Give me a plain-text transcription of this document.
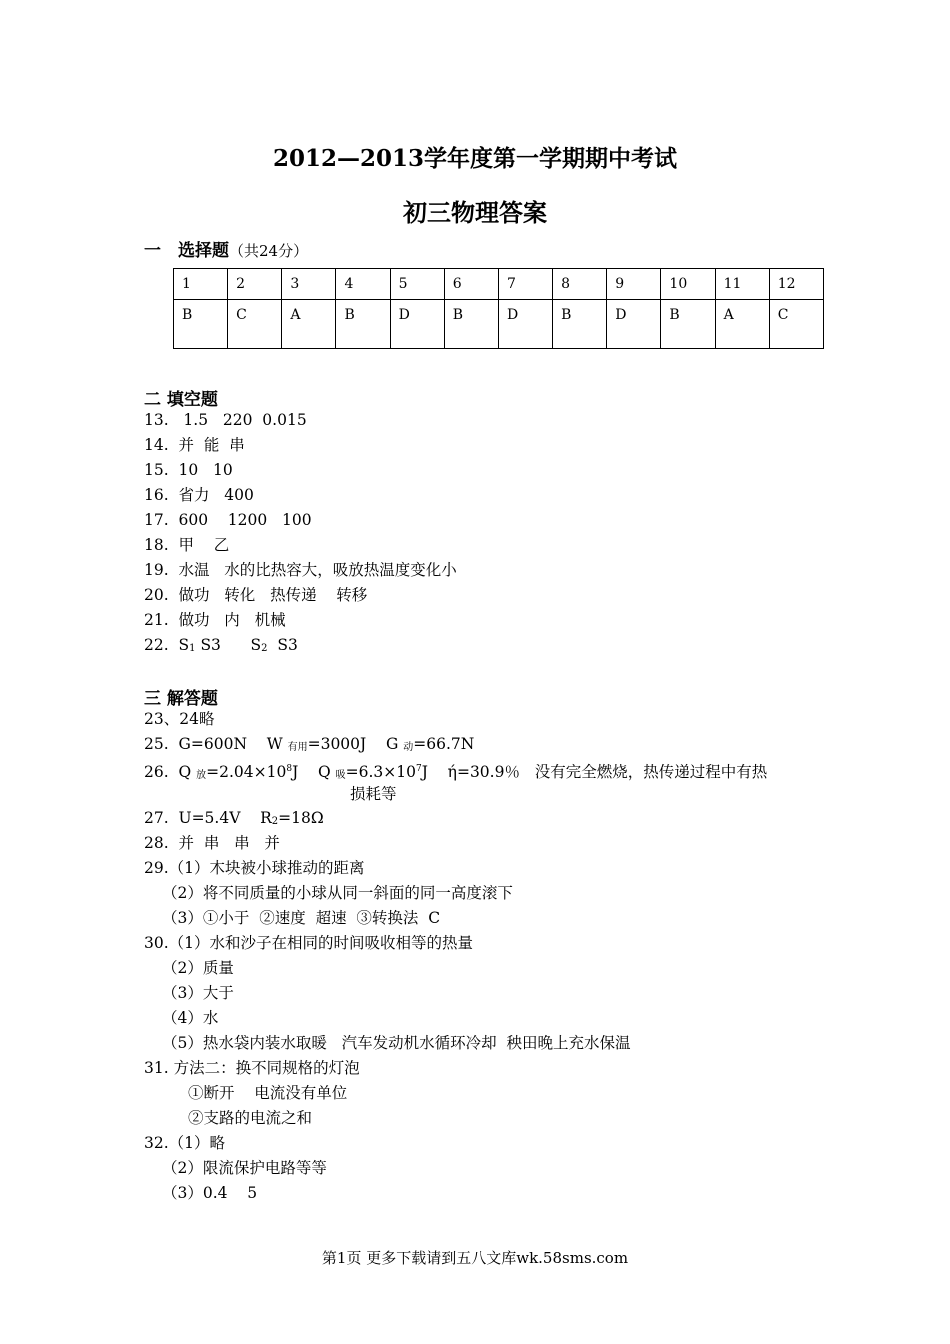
2012—2013学年度第一学期期中考试
初三物理答案
一　选择题（共24分）
1	2	3	4	5	6	7	8	9	10	11	12
B	C	A	B	D	B	D	B	D	B	A	C
二 填空题
13.   1.5   220  0.015
14.  并  能  串
15.  10   10
16.  省力   400
17.  600    1200   100
18.  甲    乙
19.  水温   水的比热容大，吸放热温度变化小
20.  做功   转化   热传递    转移
21.  做功   内   机械
22.  $S_1$ S3      $S_2$  S3
三 解答题
23、24略
25.  G=600N    W $_{有用}$=3000J    G $_动$=66.7N
26.  Q $_放=2.04\times 10^8J$    Q $_吸=6.3\times 10^7J$    ή=30.9％   没有完全燃烧，热传递过程中有热
损耗等
27.  U=5.4V    $R_2=18\Omega$
28.  并  串   串   并
29.（1）木块被小球推动的距离
（2）将不同质量的小球从同一斜面的同一高度滚下
（3）①小于  ②速度  超速  ③转换法  C
30.（1）水和沙子在相同的时间吸收相等的热量
（2）质量
（3）大于
（4）水
（5）热水袋内装水取暖   汽车发动机水循环冷却  秧田晚上充水保温
31. 方法二：换不同规格的灯泡
①断开    电流没有单位
②支路的电流之和
32.（1）略
（2）限流保护电路等等
（3）0.4    5
第1页 更多下载请到五八文库wk.58sms.com
